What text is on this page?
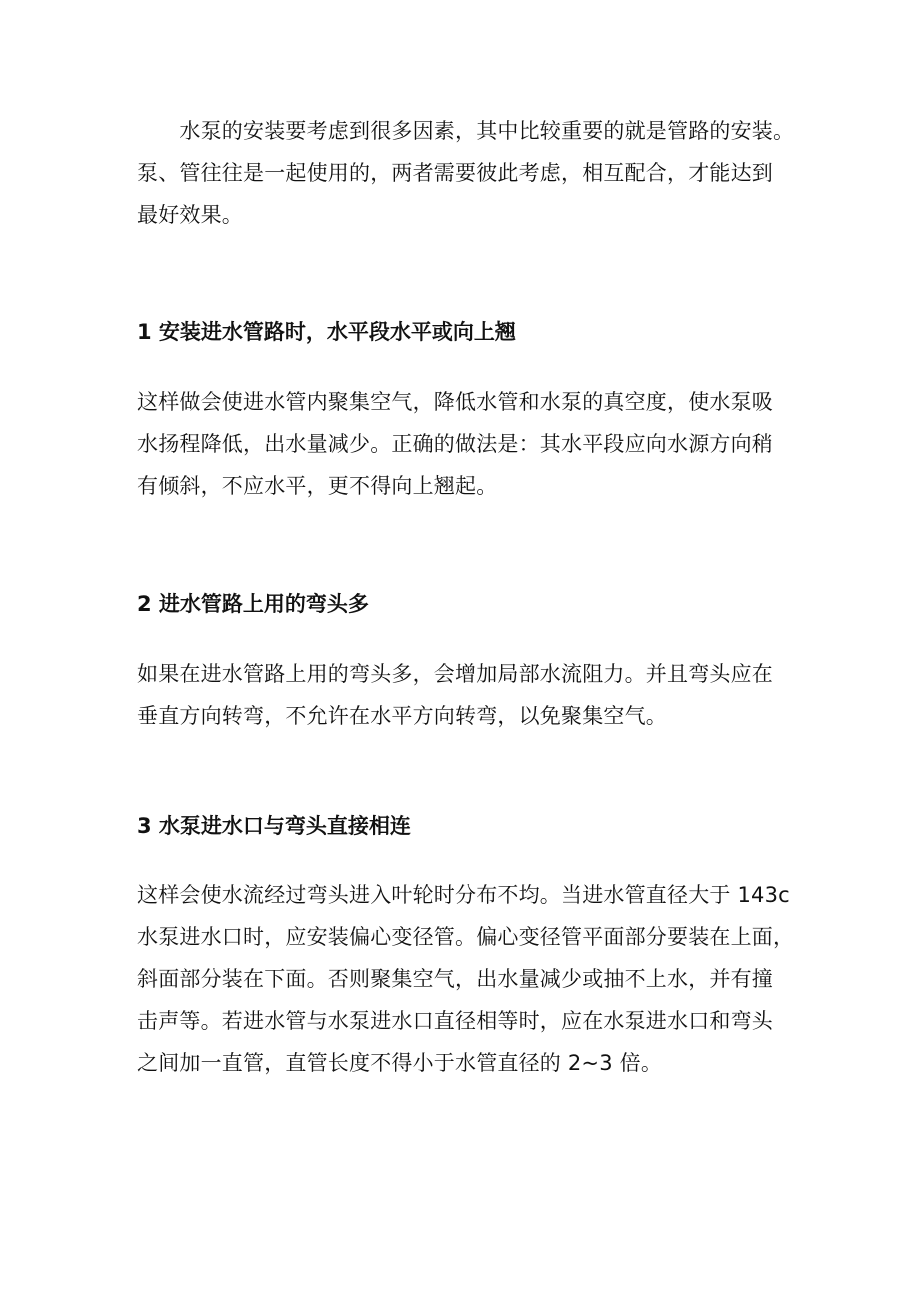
　　水泵的安装要考虑到很多因素，其中比较重要的就是管路的安装。
泵、管往往是一起使用的，两者需要彼此考虑，相互配合，才能达到
最好效果。
1 安装进水管路时，水平段水平或向上翘
这样做会使进水管内聚集空气，降低水管和水泵的真空度，使水泵吸
水扬程降低，出水量减少。正确的做法是：其水平段应向水源方向稍
有倾斜，不应水平，更不得向上翘起。
2 进水管路上用的弯头多
如果在进水管路上用的弯头多，会增加局部水流阻力。并且弯头应在
垂直方向转弯，不允许在水平方向转弯，以免聚集空气。
3 水泵进水口与弯头直接相连
这样会使水流经过弯头进入叶轮时分布不均。当进水管直径大于 143c
水泵进水口时，应安装偏心变径管。偏心变径管平面部分要装在上面，
斜面部分装在下面。否则聚集空气，出水量减少或抽不上水，并有撞
击声等。若进水管与水泵进水口直径相等时，应在水泵进水口和弯头
之间加一直管，直管长度不得小于水管直径的 2~3 倍。
